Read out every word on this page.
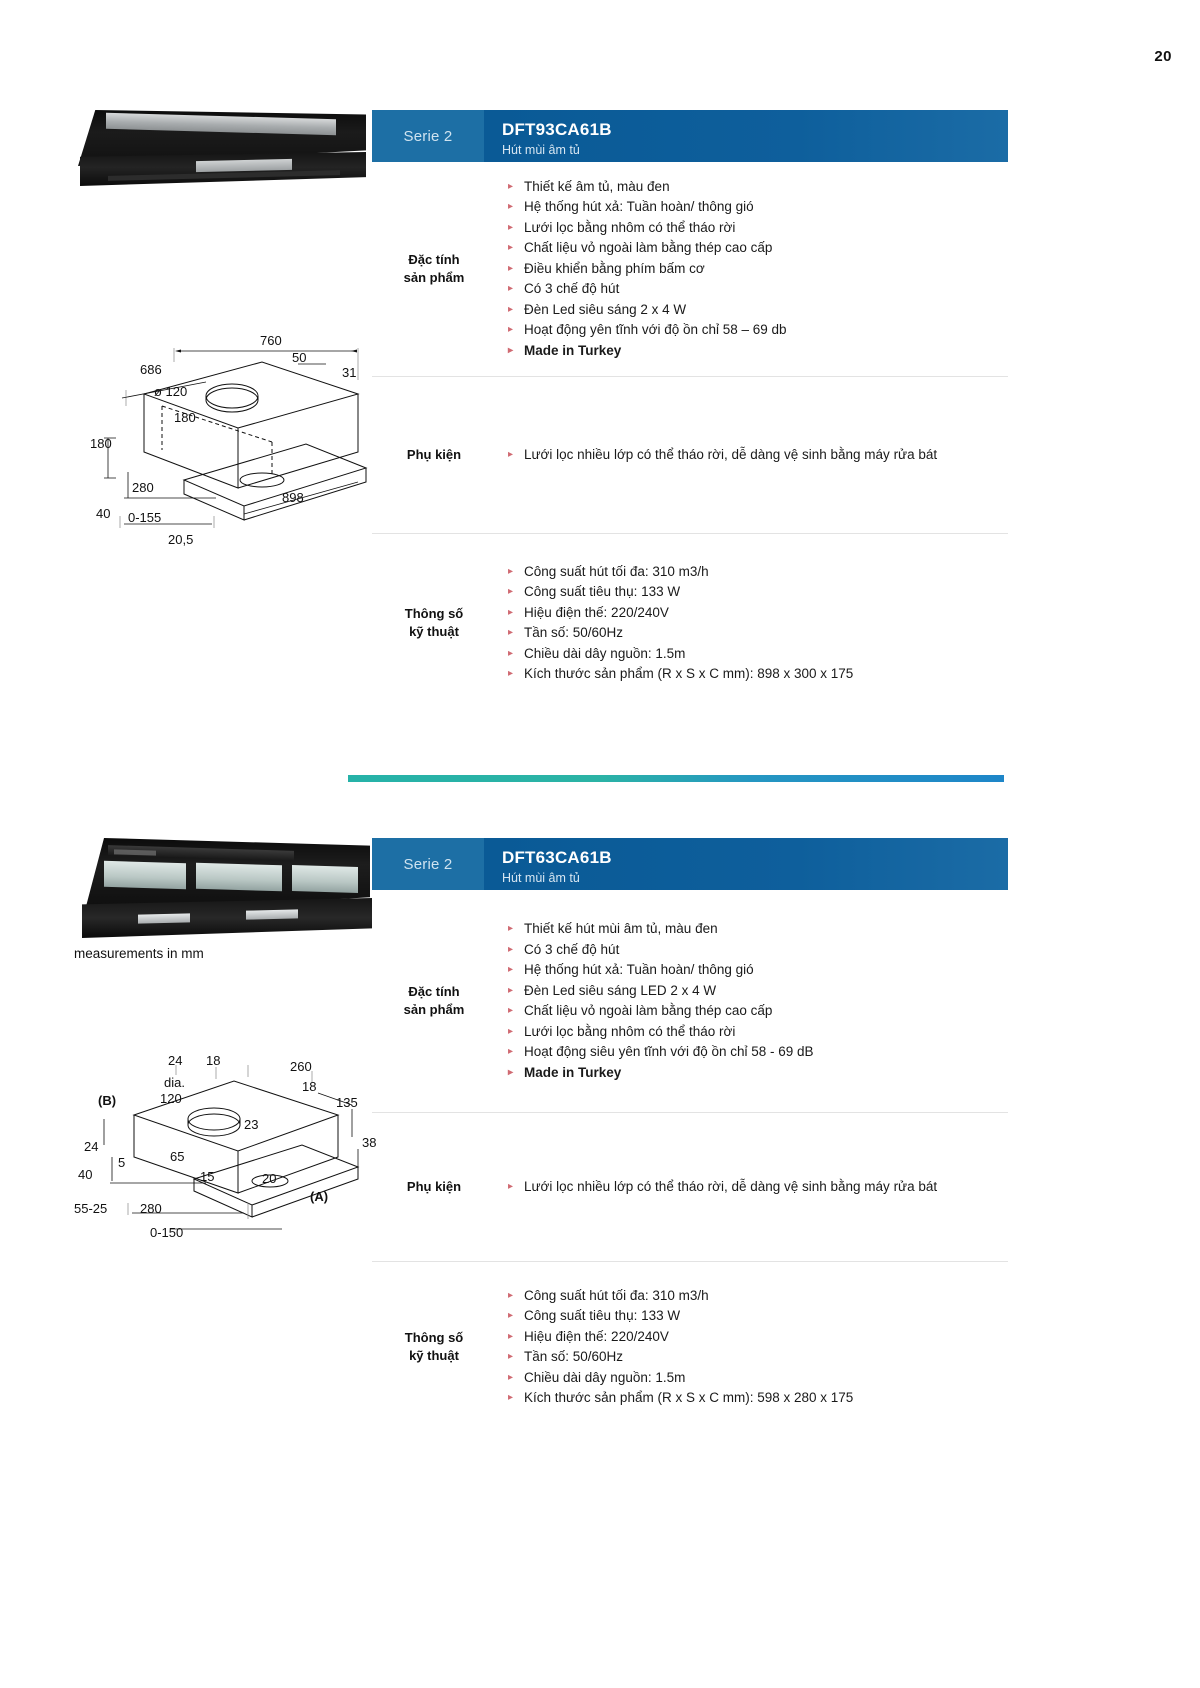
20
760
50
31
686
ø 120
180
180
280
898
40 0-155
20,5
Serie 2	DFT93CA61B
Hút mùi âm tủ
Đặc tính
sản phẩm
▸ Thiết kế âm tủ, màu đen
▸ Hệ thống hút xả: Tuần hoàn/ thông gió
▸ Lưới lọc bằng nhôm có thể tháo rời
▸ Chất liệu vỏ ngoài làm bằng thép cao cấp
▸ Điều khiển bằng phím bấm cơ
▸ Có 3 chế độ hút
▸ Đèn Led siêu sáng 2 x 4 W
▸ Hoạt động yên tĩnh với độ ồn chỉ 58 – 69 db
▸ Made in Turkey
Phụ kiện	▸ Lưới lọc nhiều lớp có thể tháo rời, dễ dàng vệ sinh bằng máy rửa bát
Thông số
kỹ thuật
▸ Công suất hút tối đa: 310 m3/h
▸ Công suất tiêu thụ: 133 W
▸ Hiệu điện thế: 220/240V
▸ Tần số: 50/60Hz
▸ Chiều dài dây nguồn: 1.5m
▸ Kích thước sản phẩm (R x S x C mm): 898 x 300 x 175
measurements in mm
24 18	260
dia.
120
18
135
(B)
23
24
5	65
38
40	15	20
(A)
55-25	280
0-150
Serie 2	DFT63CA61B
Hút mùi âm tủ
Đặc tính
sản phẩm
▸ Thiết kế hút mùi âm tủ, màu đen
▸ Có 3 chế độ hút
▸ Hệ thống hút xả: Tuần hoàn/ thông gió
▸ Đèn Led siêu sáng LED 2 x 4 W
▸ Chất liệu vỏ ngoài làm bằng thép cao cấp
▸ Lưới lọc bằng nhôm có thể tháo rời
▸ Hoạt động siêu yên tĩnh với độ ồn chỉ 58 - 69 dB
▸ Made in Turkey
Phụ kiện	▸ Lưới lọc nhiều lớp có thể tháo rời, dễ dàng vệ sinh bằng máy rửa bát
Thông số
kỹ thuật
▸ Công suất hút tối đa: 310 m3/h
▸ Công suất tiêu thụ: 133 W
▸ Hiệu điện thế: 220/240V
▸ Tần số: 50/60Hz
▸ Chiều dài dây nguồn: 1.5m
▸ Kích thước sản phẩm (R x S x C mm): 598 x 280 x 175
